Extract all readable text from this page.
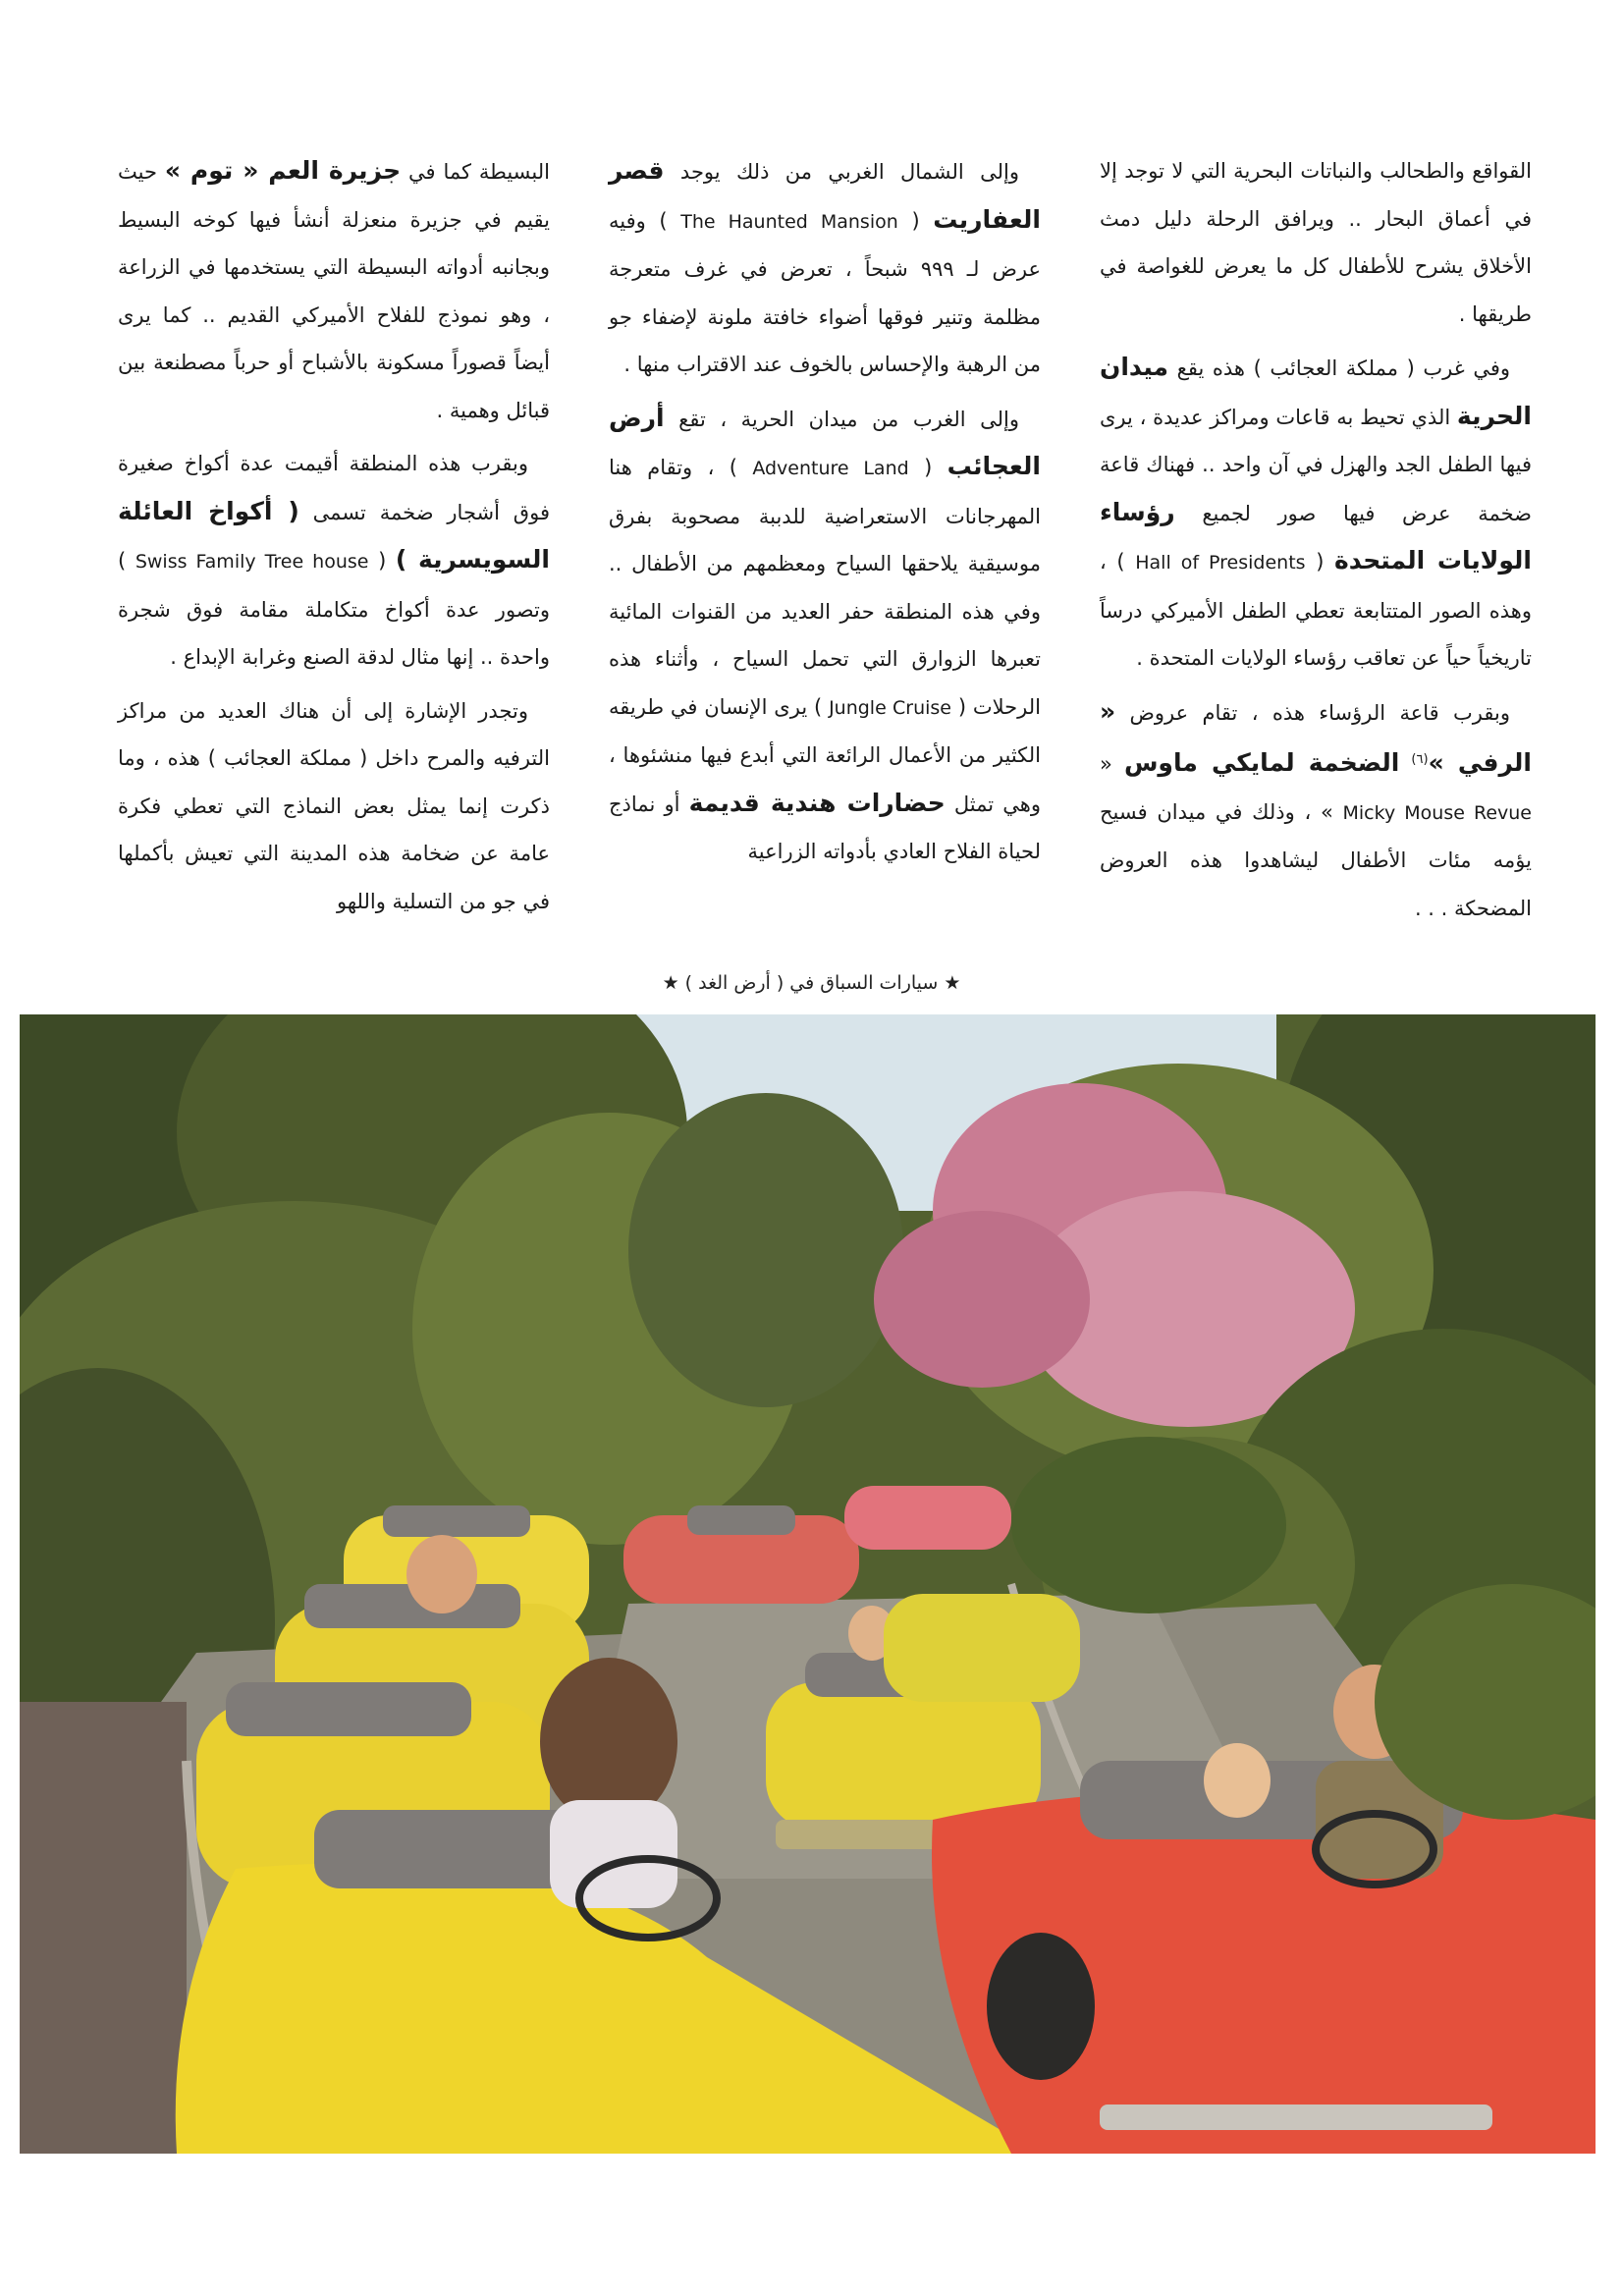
القواقع والطحالب والنباتات البحرية التي لا توجد إلا في أعماق البحار .. ويرافق الرحلة دليل دمث الأخلاق يشرح للأطفال كل ما يعرض للغواصة في طريقها .

وفي غرب ( مملكة العجائب ) هذه يقع ميدان الحرية الذي تحيط به قاعات ومراكز عديدة ، يرى فيها الطفل الجد والهزل في آن واحد .. فهناك قاعة ضخمة عرض فيها صور لجميع رؤساء الولايات المتحدة ( Hall of Presidents ) ، وهذه الصور المتتابعة تعطي الطفل الأميركي درساً تاريخياً حياً عن تعاقب رؤساء الولايات المتحدة .

وبقرب قاعة الرؤساء هذه ، تقام عروض « الرفي »$^{(٦)}$ الضخمة لمايكي ماوس « Micky Mouse Revue » ، وذلك في ميدان فسيح يؤمه مئات الأطفال ليشاهدوا هذه العروض المضحكة . . .

وإلى الشمال الغربي من ذلك يوجد قصر العفاريت ( The Haunted Mansion ) وفيه عرض لـ ٩٩٩ شبحاً ، تعرض في غرف متعرجة مظلمة وتنير فوقها أضواء خافتة ملونة لإضفاء جو من الرهبة والإحساس بالخوف عند الاقتراب منها .

وإلى الغرب من ميدان الحرية ، تقع أرض العجائب ( Adventure Land ) ، وتقام هنا المهرجانات الاستعراضية للدببة مصحوبة بفرق موسيقية يلاحقها السياح ومعظمهم من الأطفال .. وفي هذه المنطقة حفر العديد من القنوات المائية تعبرها الزوارق التي تحمل السياح ، وأثناء هذه الرحلات ( Jungle Cruise ) يرى الإنسان في طريقه الكثير من الأعمال الرائعة التي أبدع فيها منشئوها ، وهي تمثل حضارات هندية قديمة أو نماذج لحياة الفلاح العادي بأدواته الزراعية

البسيطة كما في جزيرة العم « توم » حيث يقيم في جزيرة منعزلة أنشأ فيها كوخه البسيط وبجانبه أدواته البسيطة التي يستخدمها في الزراعة ، وهو نموذج للفلاح الأميركي القديم .. كما يرى أيضاً قصوراً مسكونة بالأشباح أو حرباً مصطنعة بين قبائل وهمية .

وبقرب هذه المنطقة أقيمت عدة أكواخ صغيرة فوق أشجار ضخمة تسمى ( أكواخ العائلة السويسرية ) ( Swiss Family Tree house ) وتصور عدة أكواخ متكاملة مقامة فوق شجرة واحدة .. إنها مثال لدقة الصنع وغرابة الإبداع .

وتجدر الإشارة إلى أن هناك العديد من مراكز الترفيه والمرح داخل ( مملكة العجائب ) هذه ، وما ذكرت إنما يمثل بعض النماذج التي تعطي فكرة عامة عن ضخامة هذه المدينة التي تعيش بأكملها في جو من التسلية واللهو

★ سيارات السباق في ( أرض الغد ) ★
